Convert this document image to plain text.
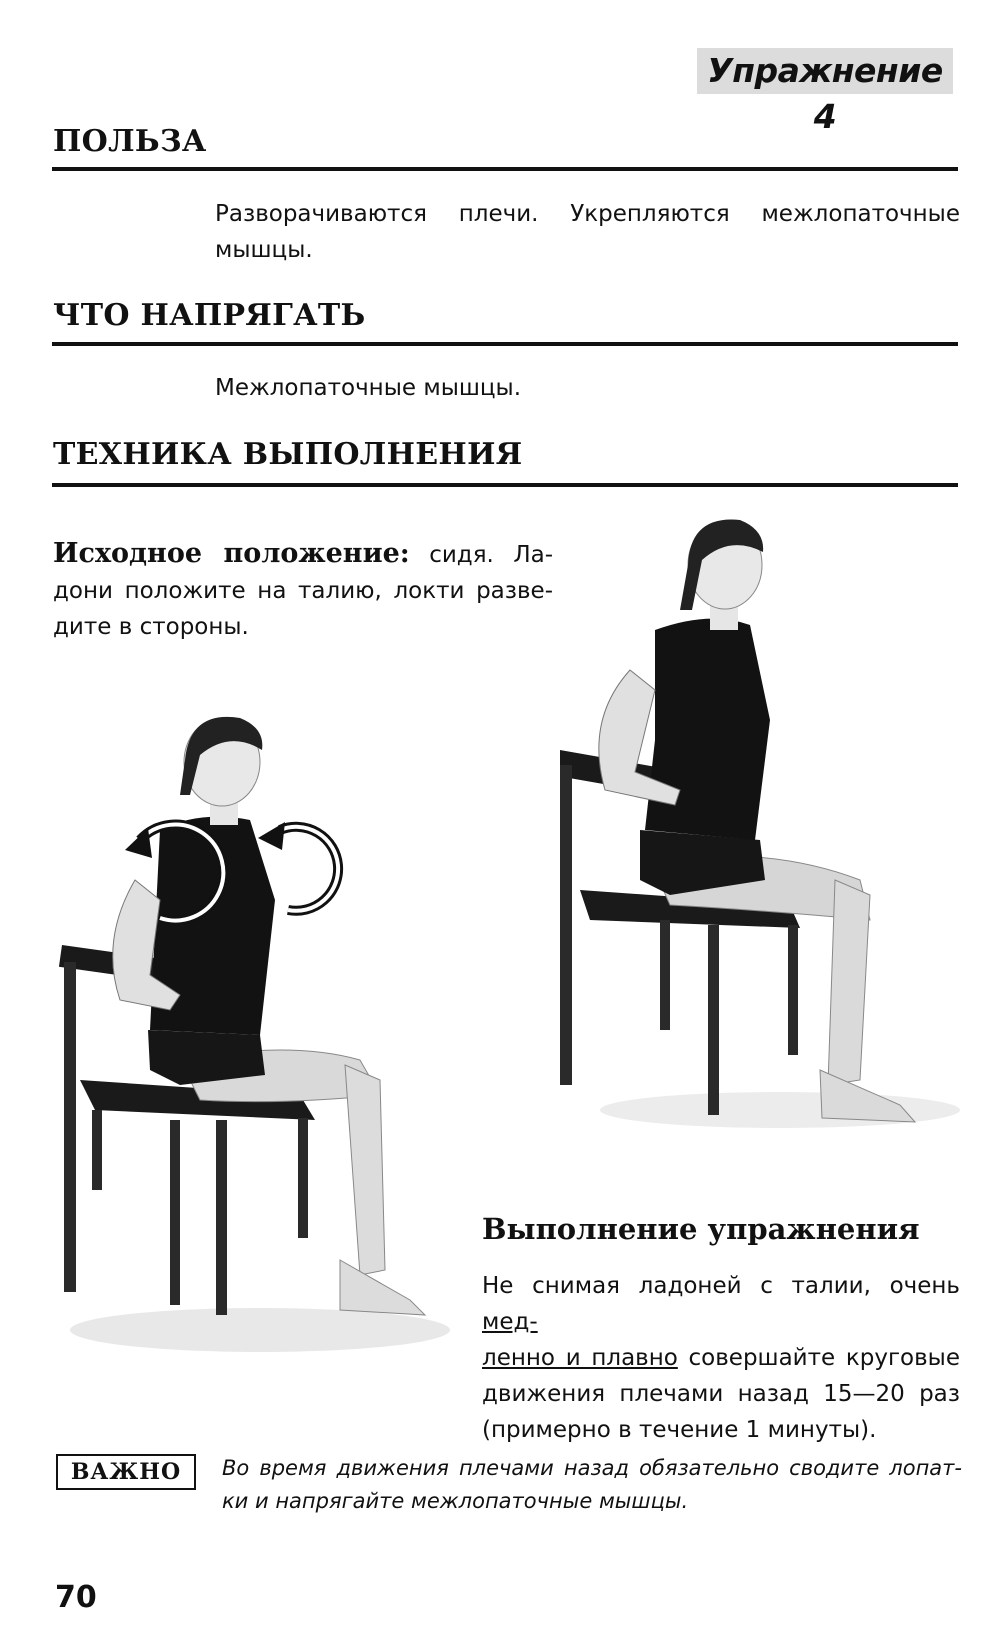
Упражнение 4
ПОЛЬЗА
Разворачиваются плечи. Укрепляются межлопаточные
мышцы.
ЧТО НАПРЯГАТЬ
Межлопаточные мышцы.
ТЕХНИКА ВЫПОЛНЕНИЯ
Исходное положение: сидя. Ла-
дони положите на талию, локти разве-
дите в стороны.
Выполнение упражнения
Не снимая ладоней с талии, очень мед-
ленно и плавно совершайте круговые
движения плечами назад 15—20 раз
(примерно в течение 1 минуты).
ВАЖНО	Во время движения плечами назад обязательно сводите лопат-
ки и напрягайте межлопаточные мышцы.
70
